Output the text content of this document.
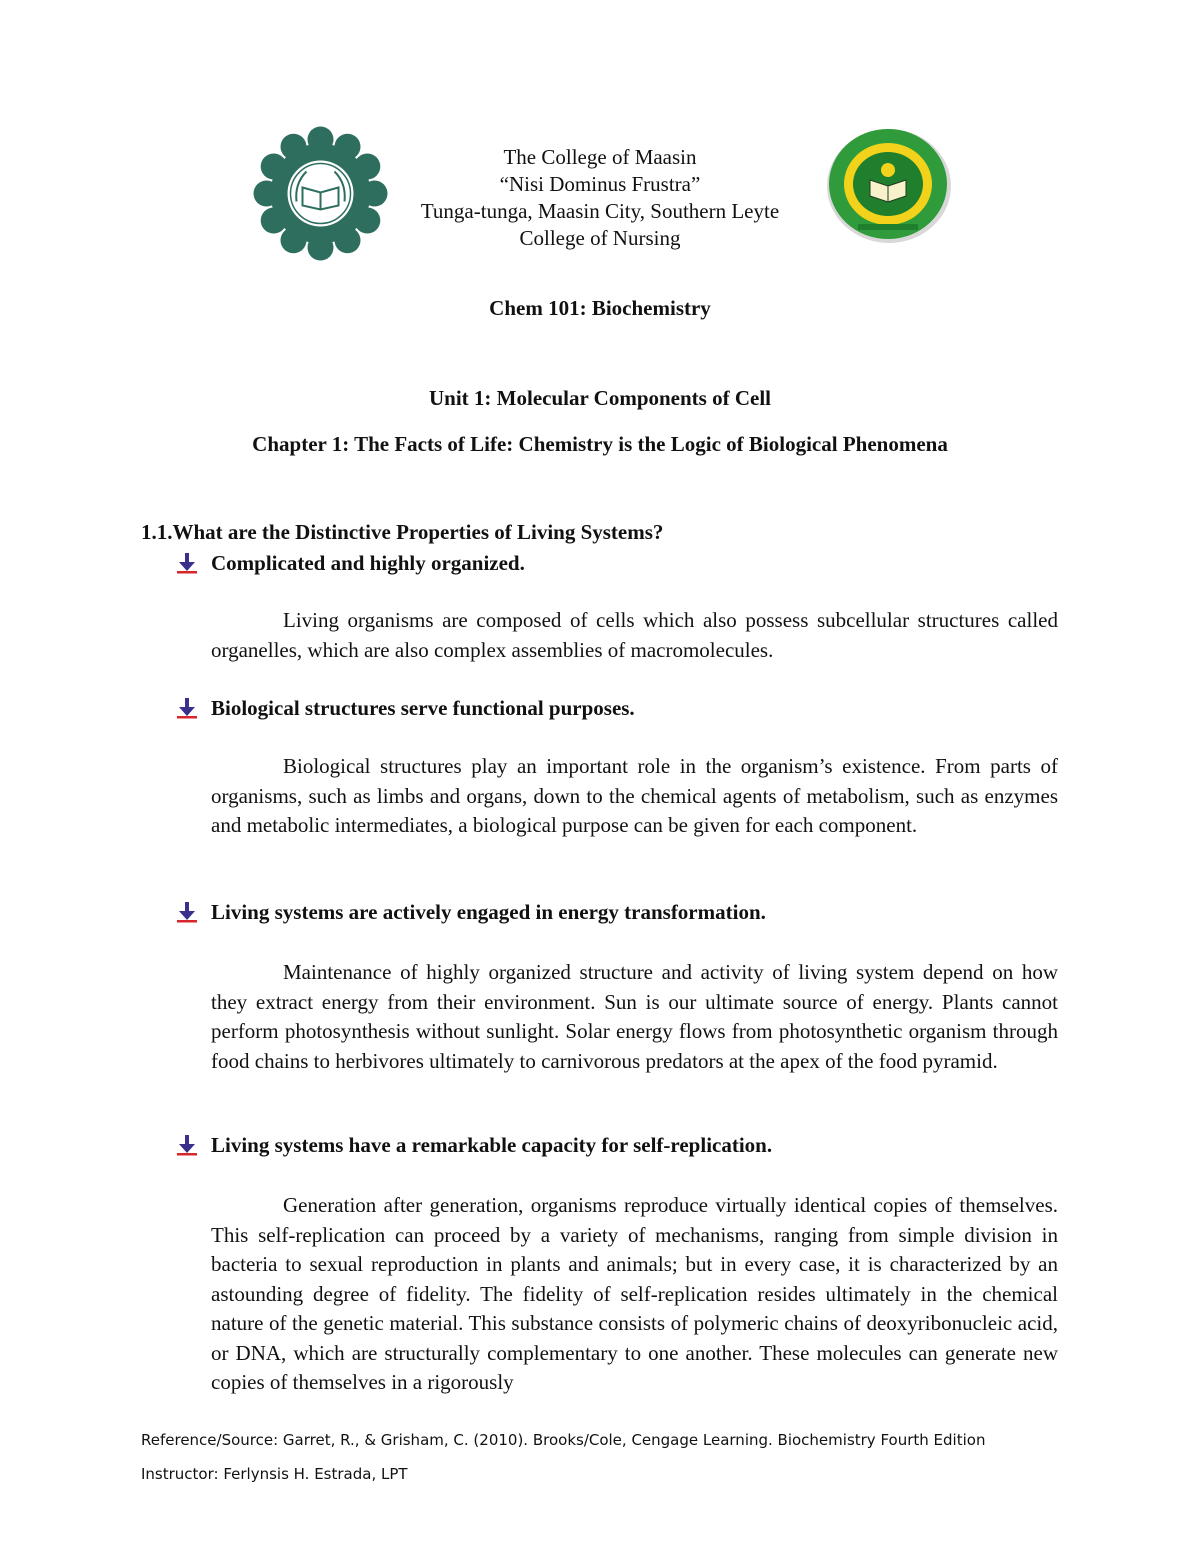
The College of Maasin
“Nisi Dominus Frustra”
Tunga-tunga, Maasin City, Southern Leyte
College of Nursing
Chem 101: Biochemistry
Unit 1: Molecular Components of Cell
Chapter 1: The Facts of Life: Chemistry is the Logic of Biological Phenomena
1.1.What are the Distinctive Properties of Living Systems?
Complicated and highly organized.
Living organisms are composed of cells which also possess subcellular structures called organelles, which are also complex assemblies of macromolecules.
Biological structures serve functional purposes.
Biological structures play an important role in the organism’s existence. From parts of organisms, such as limbs and organs, down to the chemical agents of metabolism, such as enzymes and metabolic intermediates, a biological purpose can be given for each component.
Living systems are actively engaged in energy transformation.
Maintenance of highly organized structure and activity of living system depend on how they extract energy from their environment. Sun is our ultimate source of energy. Plants cannot perform photosynthesis without sunlight. Solar energy flows from photosynthetic organism through food chains to herbivores ultimately to carnivorous predators at the apex of the food pyramid.
Living systems have a remarkable capacity for self-replication.
Generation after generation, organisms reproduce virtually identical copies of themselves. This self-replication can proceed by a variety of mechanisms, ranging from simple division in bacteria to sexual reproduction in plants and animals; but in every case, it is characterized by an astounding degree of fidelity. The fidelity of self-replication resides ultimately in the chemical nature of the genetic material. This substance consists of polymeric chains of deoxyribonucleic acid, or DNA, which are structurally complementary to one another. These molecules can generate new copies of themselves in a rigorously
Reference/Source: Garret, R., & Grisham, C. (2010). Brooks/Cole, Cengage Learning. Biochemistry Fourth Edition
Instructor: Ferlynsis H. Estrada, LPT
